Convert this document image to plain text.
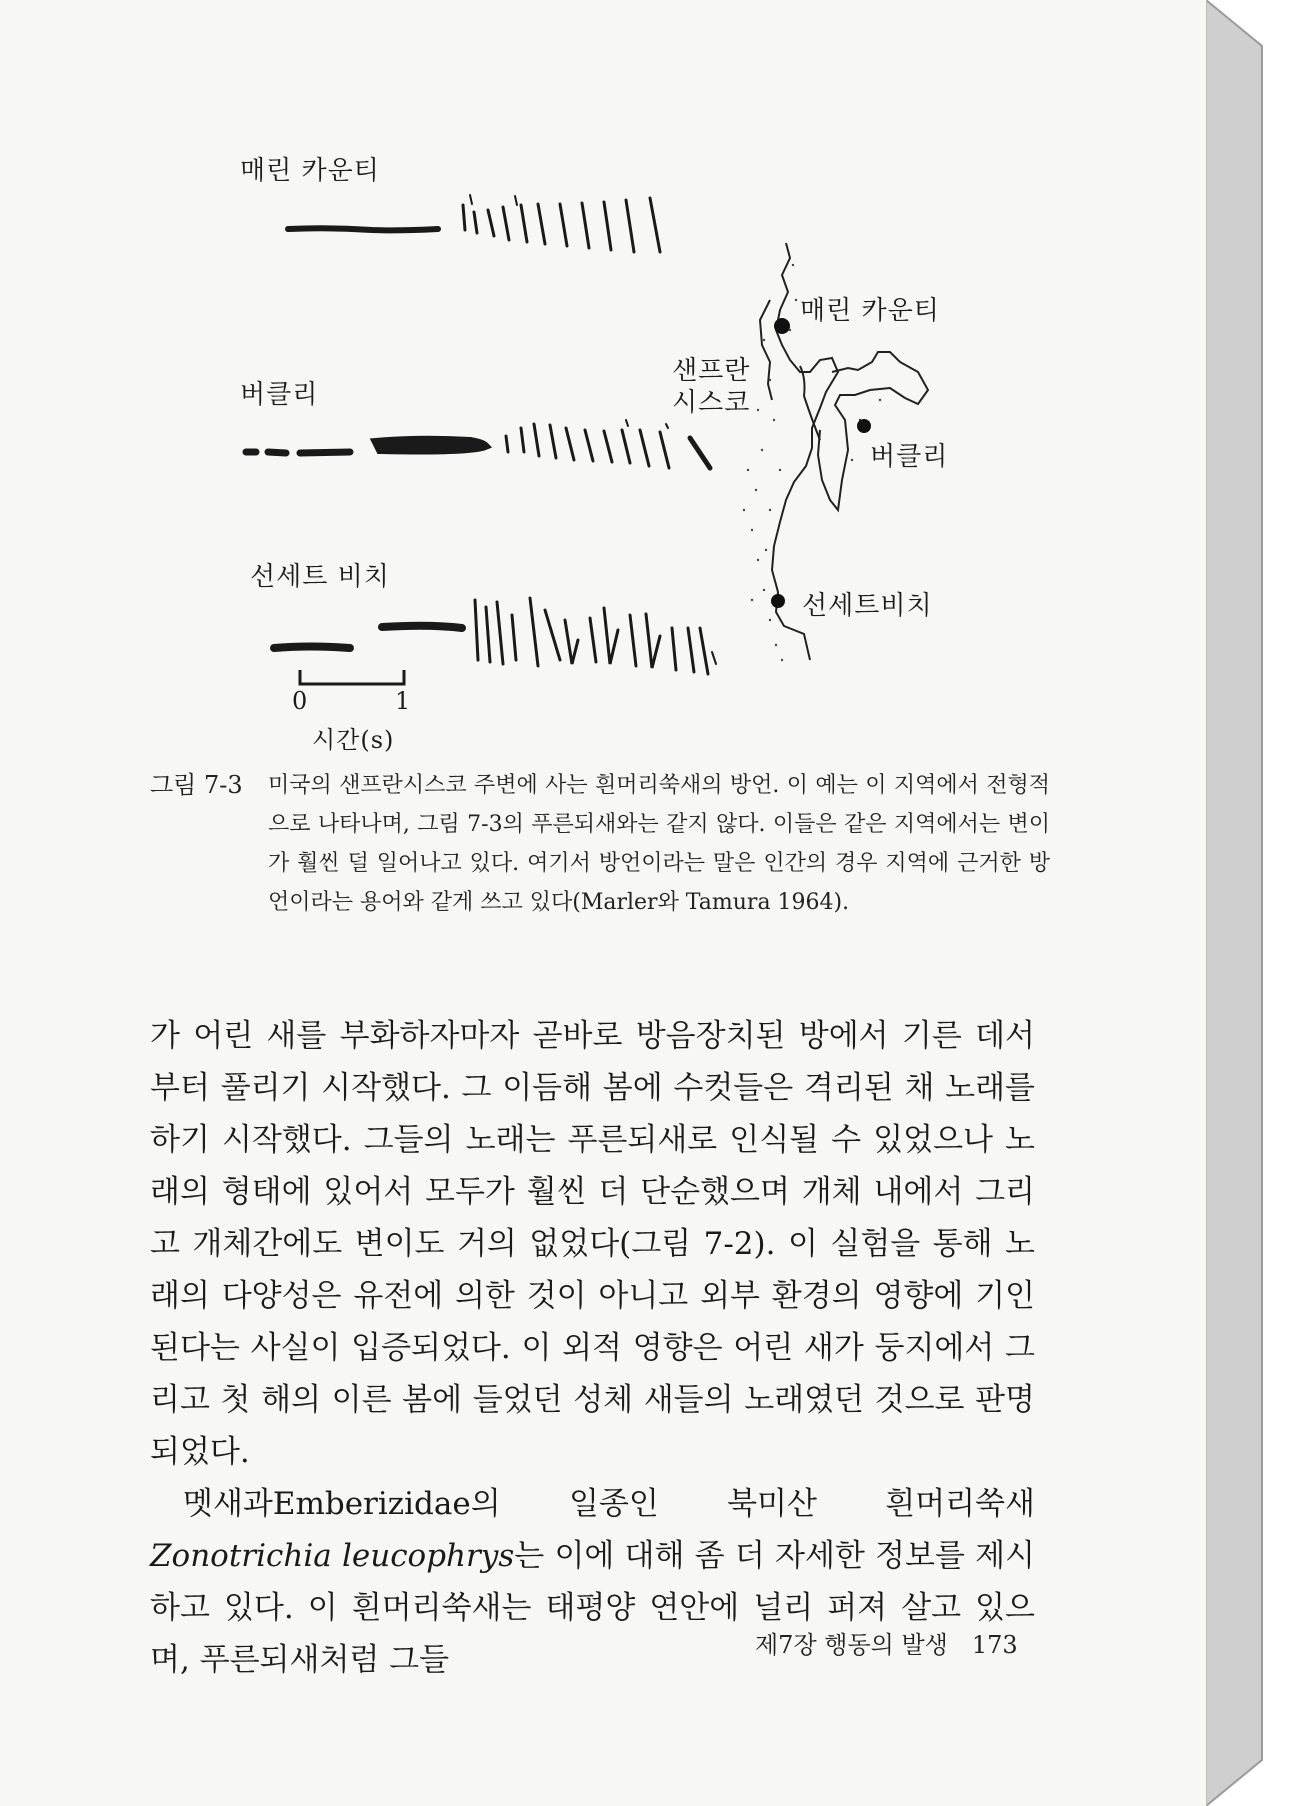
매린 카운티
버클리
선세트 비치
샌프란
시스코
매린 카운티
버클리
선세트비치
0	1
시간(s)
그림 7-3 미국의 샌프란시스코 주변에 사는 흰머리쑥새의 방언. 이 예는 이 지역에서 전형적으로 나타나며, 그림 7-3의 푸른되새와는 같지 않다. 이들은 같은 지역에서는 변이가 훨씬 덜 일어나고 있다. 여기서 방언이라는 말은 인간의 경우 지역에 근거한 방언이라는 용어와 같게 쓰고 있다(Marler와 Tamura 1964).

가 어린 새를 부화하자마자 곧바로 방음장치된 방에서 기른 데서부터 풀리기 시작했다. 그 이듬해 봄에 수컷들은 격리된 채 노래를 하기 시작했다. 그들의 노래는 푸른되새로 인식될 수 있었으나 노래의 형태에 있어서 모두가 훨씬 더 단순했으며 개체 내에서 그리고 개체간에도 변이도 거의 없었다(그림 7-2). 이 실험을 통해 노래의 다양성은 유전에 의한 것이 아니고 외부 환경의 영향에 기인된다는 사실이 입증되었다. 이 외적 영향은 어린 새가 둥지에서 그리고 첫 해의 이른 봄에 들었던 성체 새들의 노래였던 것으로 판명되었다.

멧새과Emberizidae의 일종인 북미산 흰머리쑥새 Zonotrichia leucophrys는 이에 대해 좀 더 자세한 정보를 제시하고 있다. 이 흰머리쑥새는 태평양 연안에 널리 퍼져 살고 있으며, 푸른되새처럼 그들	제7장 행동의 발생 173
